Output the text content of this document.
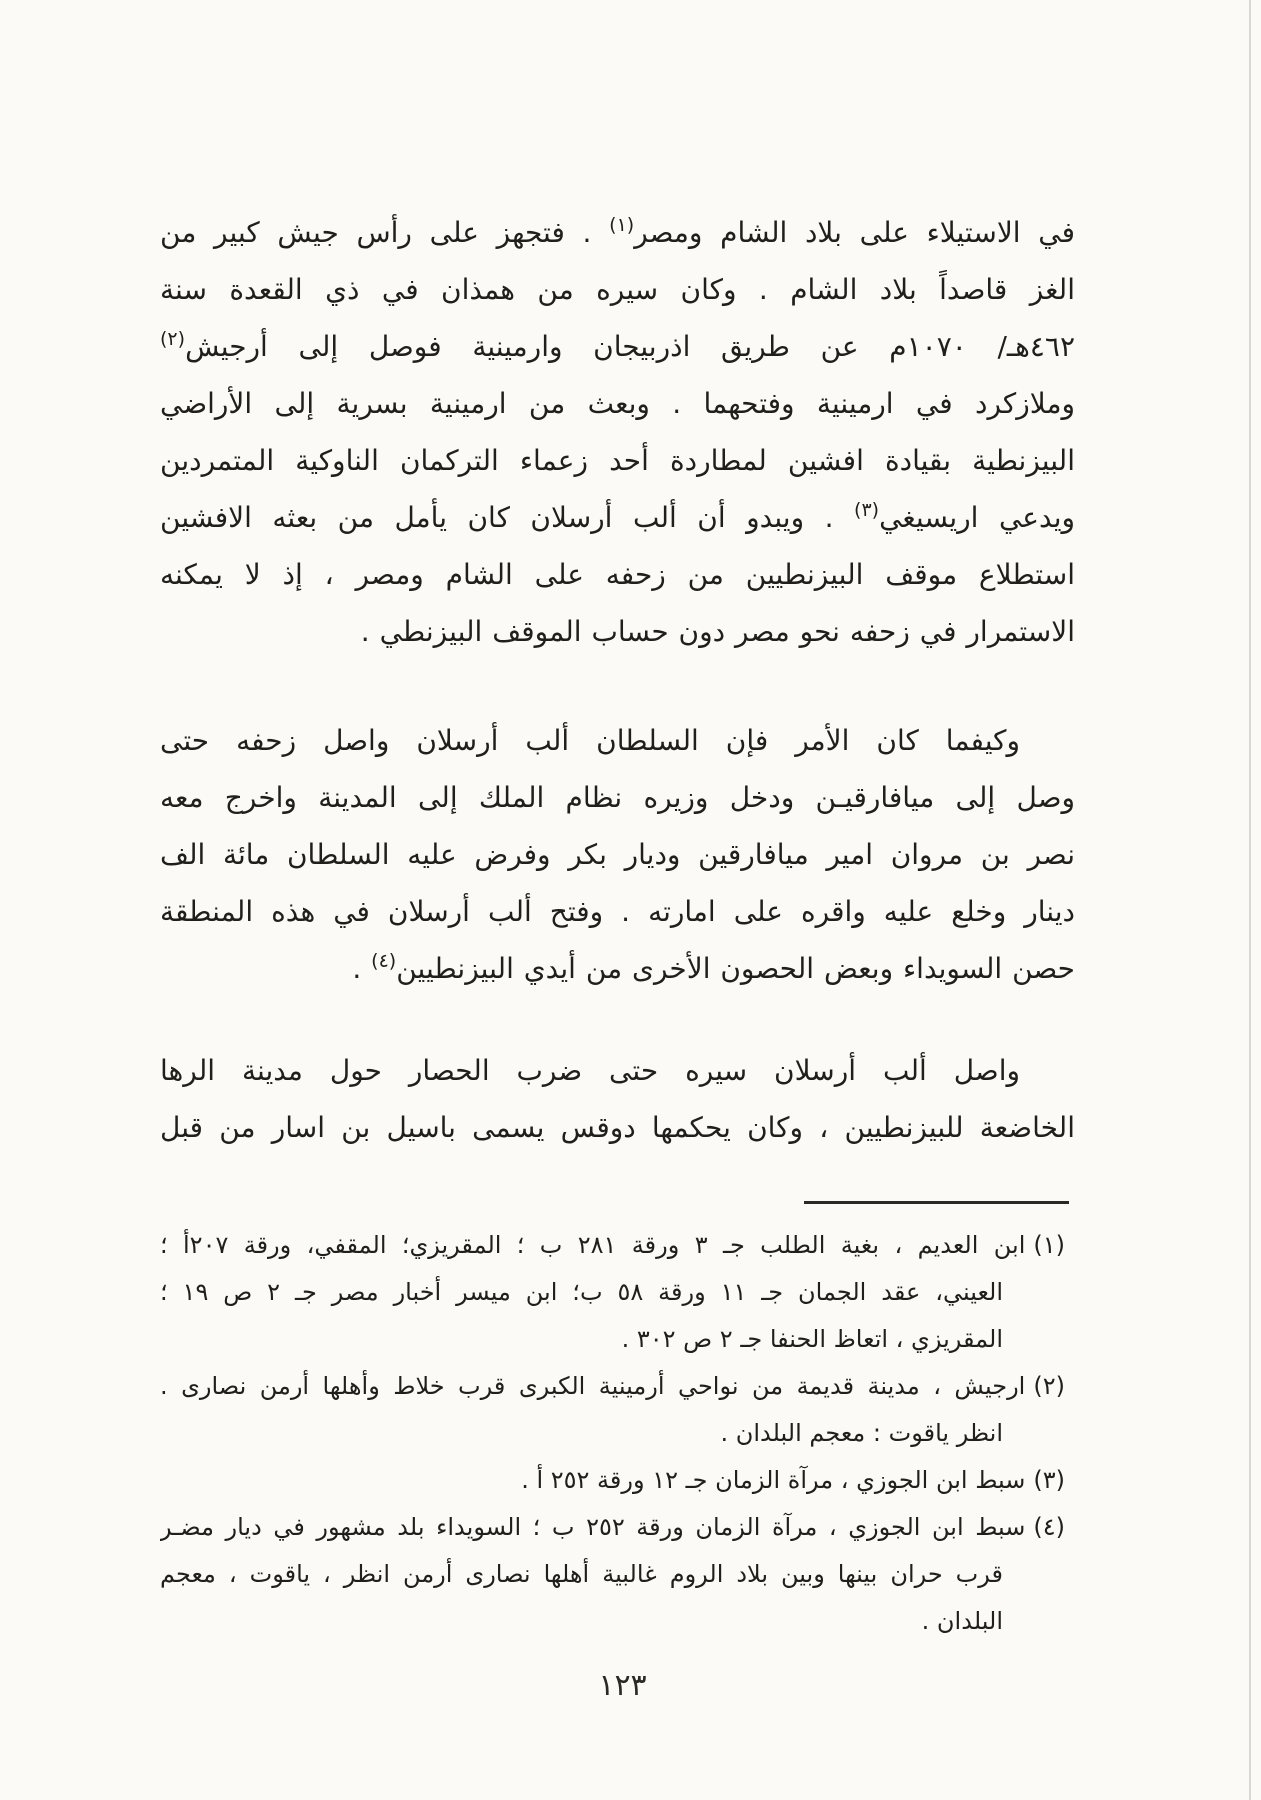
في الاستيلاء على بلاد الشام ومصر$^{(١)}$ . فتجهز على رأس جيش كبير من
الغز قاصداً بلاد الشام . وكان سيره من همذان في ذي القعدة سنة
٤٦٢هـ/ ١٠٧٠م عن طريق اذربيجان وارمينية فوصل إلى أرجيش$^{(٢)}$
وملازكرد في ارمينية وفتحهما . وبعث من ارمينية بسرية إلى الأراضي
البيزنطية بقيادة افشين لمطاردة أحد زعماء التركمان الناوكية المتمردين
ويدعي اريسيغي$^{(٣)}$ . ويبدو أن ألب أرسلان كان يأمل من بعثه الافشين
استطلاع موقف البيزنطيين من زحفه على الشام ومصر ، إذ لا يمكنه
الاستمرار في زحفه نحو مصر دون حساب الموقف البيزنطي .
وكيفما كان الأمر فإن السلطان ألب أرسلان واصل زحفه حتى
وصل إلى ميافارقيـن ودخل وزيره نظام الملك إلى المدينة واخرج معه
نصر بن مروان امير ميافارقين وديار بكر وفرض عليه السلطان مائة الف
دينار وخلع عليه واقره على امارته . وفتح ألب أرسلان في هذه المنطقة
حصن السويداء وبعض الحصون الأخرى من أيدي البيزنطيين$^{(٤)}$ .
واصل ألب أرسلان سيره حتى ضرب الحصار حول مدينة الرها
الخاضعة للبيزنطيين ، وكان يحكمها دوقس يسمى باسيل بن اسار من قبل
(١)ابن العديم ، بغية الطلب جـ ٣ ورقة ٢٨١ ب ؛ المقريزي؛ المقفي، ورقة ٢٠٧أ ؛
العيني، عقد الجمان جـ ١١ ورقة ٥٨ ب؛ ابن ميسر أخبار مصر جـ ٢ ص ١٩ ؛
المقريزي ، اتعاظ الحنفا جـ ٢ ص ٣٠٢ .
(٢)ارجيش ، مدينة قديمة من نواحي أرمينية الكبرى قرب خلاط وأهلها أرمن نصارى .
انظر ياقوت : معجم البلدان .
(٣)سبط ابن الجوزي ، مرآة الزمان جـ ١٢ ورقة ٢٥٢ أ .
(٤)سبط ابن الجوزي ، مرآة الزمان ورقة ٢٥٢ ب ؛ السويداء بلد مشهور في ديار مضـر
قرب حران بينها وبين بلاد الروم غالبية أهلها نصارى أرمن انظر ، ياقوت ، معجم
البلدان .
١٢٣
